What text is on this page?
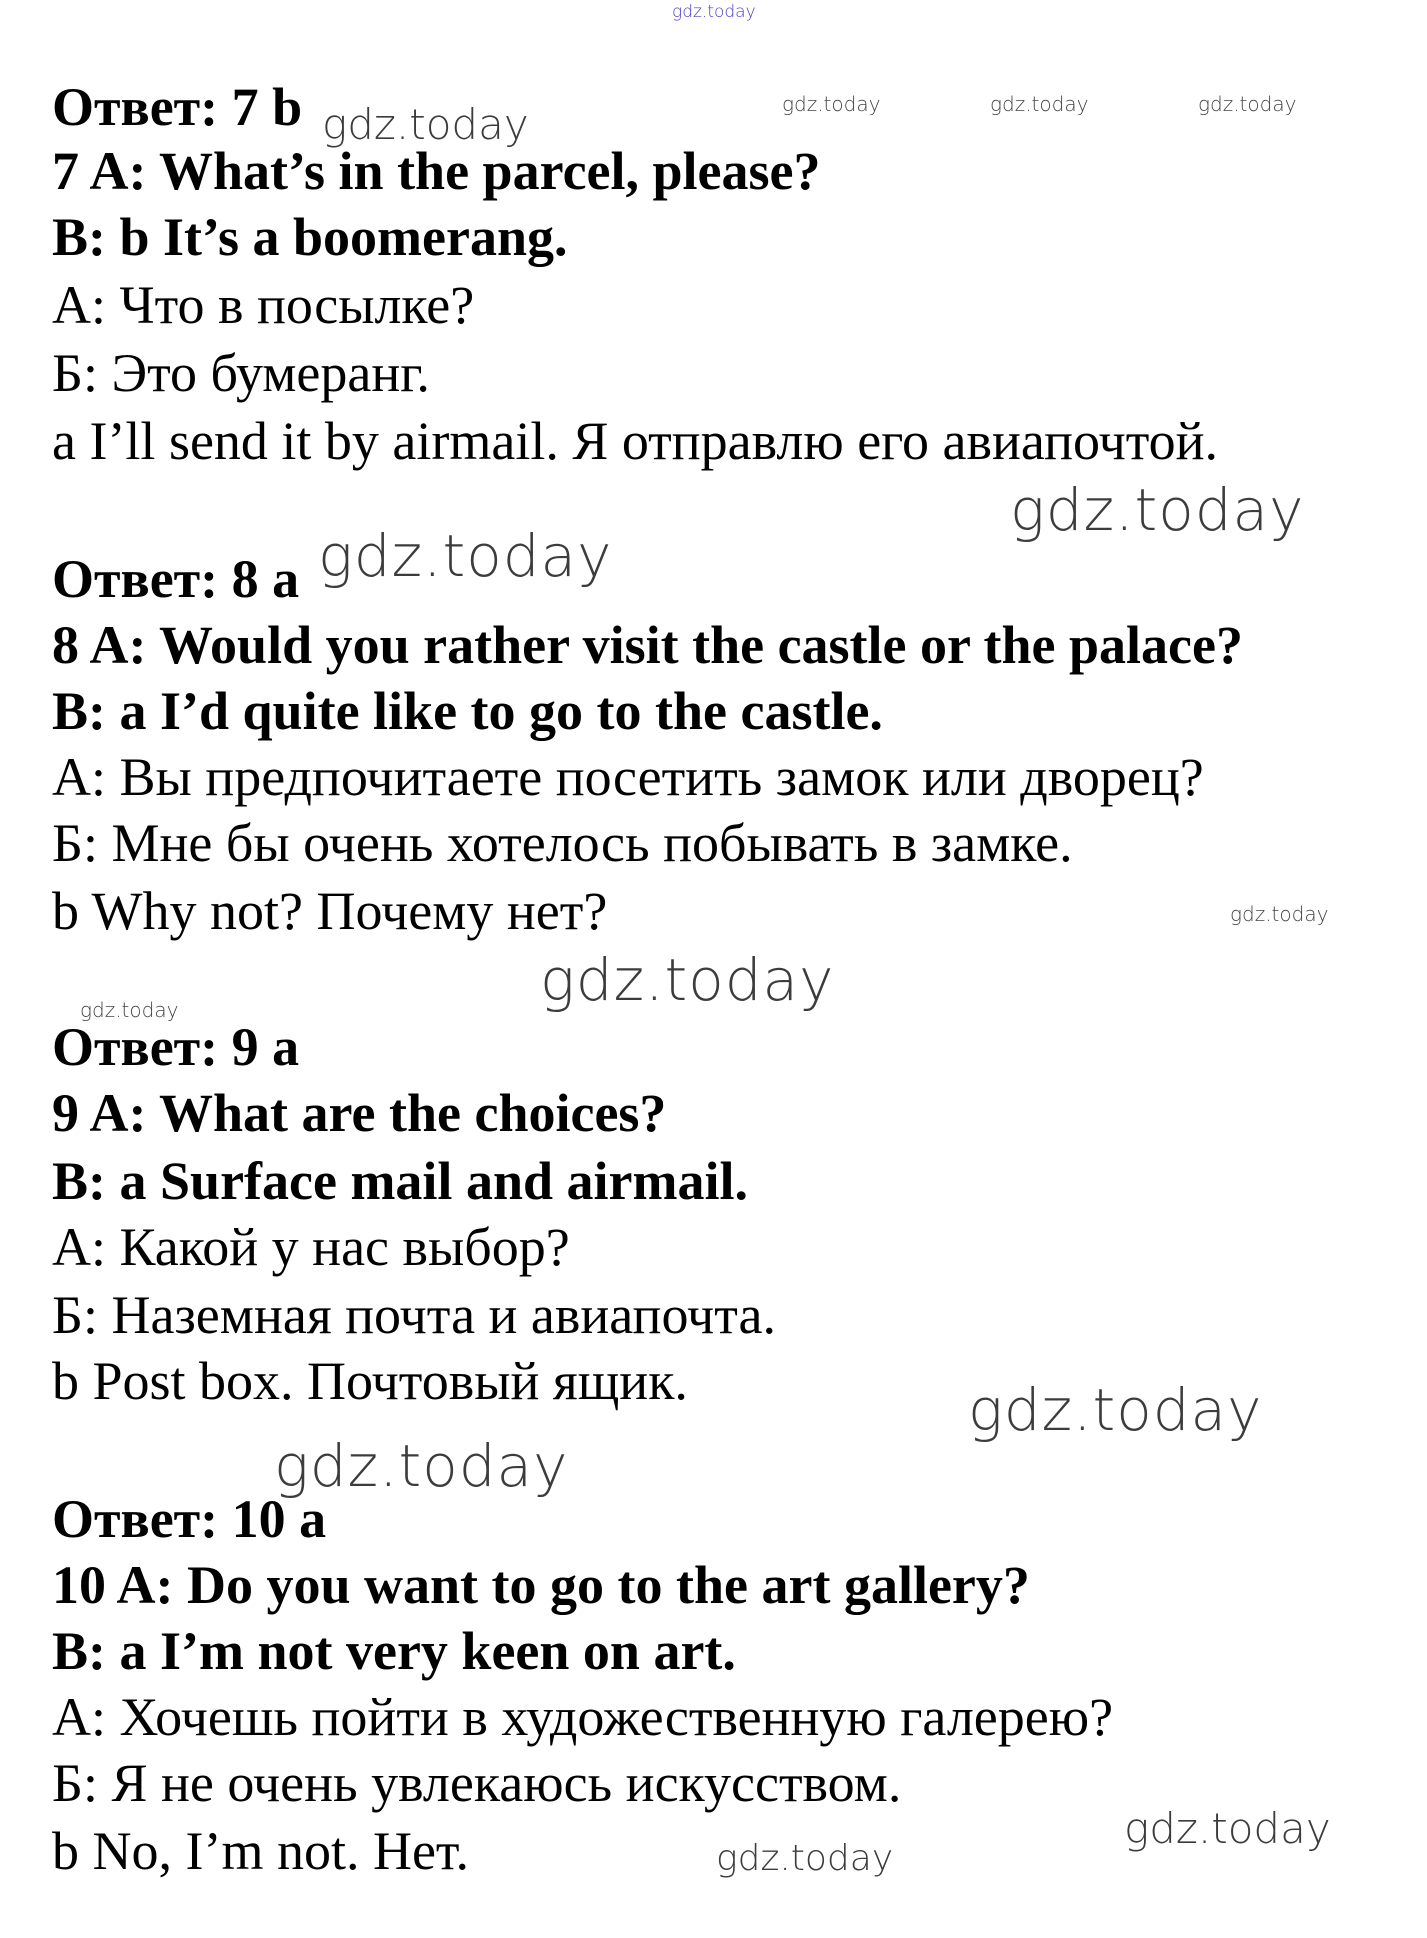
gdz.today
gdz.today	gdz.today	gdz.today
gdz.today
gdz.today
gdz.today
gdz.today
gdz.today
gdz.today
gdz.today
gdz.today
gdz.today
gdz.today
Ответ: 7 b
7 A: What’s in the parcel, please?
B: b It’s a boomerang.
А: Что в посылке?
Б: Это бумеранг.
a I’ll send it by airmail. Я отправлю его авиапочтой.
Ответ: 8 a
8 A: Would you rather visit the castle or the palace?
B: a I’d quite like to go to the castle.
А: Вы предпочитаете посетить замок или дворец?
Б: Мне бы очень хотелось побывать в замке.
b Why not? Почему нет?
Ответ: 9 a
9 A: What are the choices?
B: a Surface mail and airmail.
А: Какой у нас выбор?
Б: Наземная почта и авиапочта.
b Post box. Почтовый ящик.
Ответ: 10 a
10 A: Do you want to go to the art gallery?
B: a I’m not very keen on art.
А: Хочешь пойти в художественную галерею?
Б: Я не очень увлекаюсь искусством.
b No, I’m not. Нет.
